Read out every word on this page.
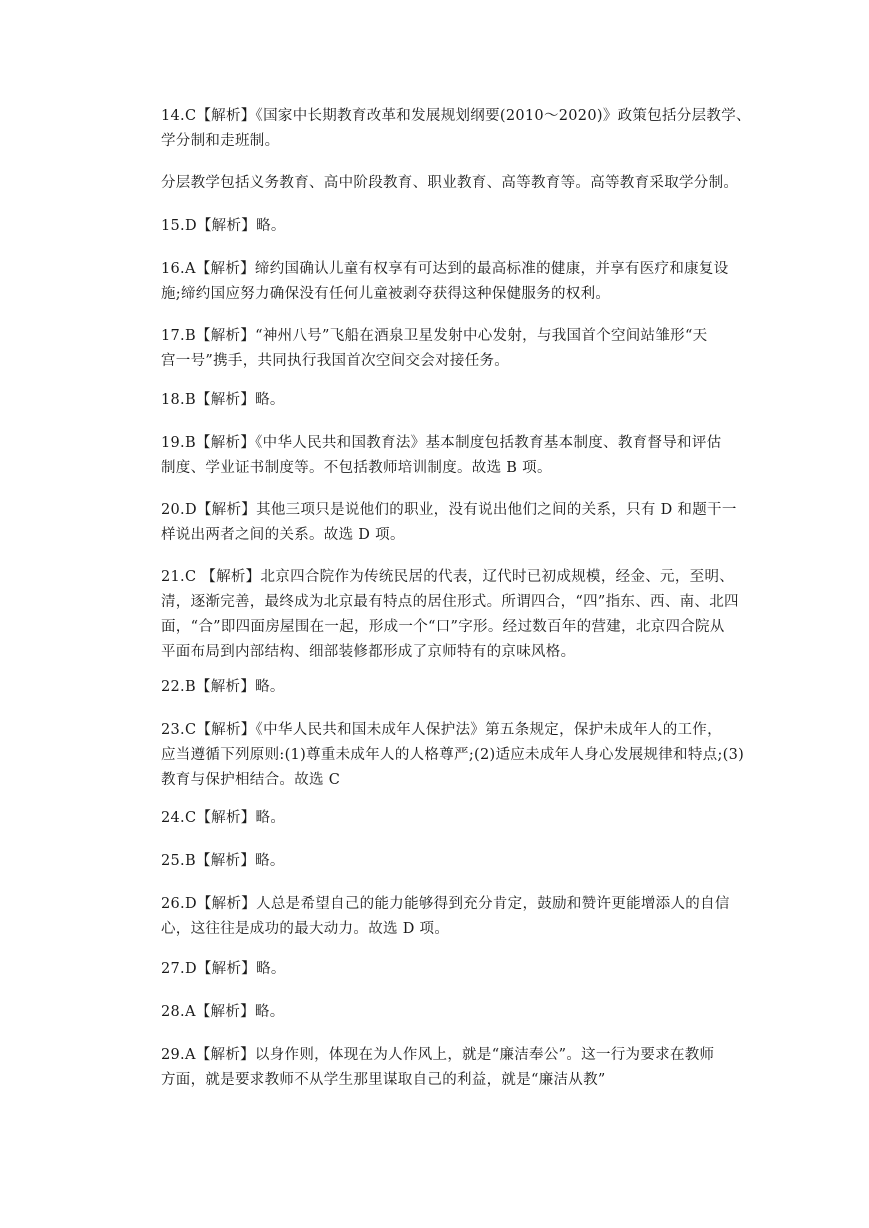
14.C【解析】《国家中长期教育改革和发展规划纲要(2010～2020)》政策包括分层教学、
学分制和走班制。

分层教学包括义务教育、高中阶段教育、职业教育、高等教育等。高等教育采取学分制。

15.D【解析】略。

16.A【解析】缔约国确认儿童有权享有可达到的最高标准的健康，并享有医疗和康复设
施;缔约国应努力确保没有任何儿童被剥夺获得这种保健服务的权利。

17.B【解析】“神州八号”飞船在酒泉卫星发射中心发射，与我国首个空间站雏形“天
宫一号”携手，共同执行我国首次空间交会对接任务。

18.B【解析】略。

19.B【解析】《中华人民共和国教育法》基本制度包括教育基本制度、教育督导和评估
制度、学业证书制度等。不包括教师培训制度。故选 B 项。

20.D【解析】其他三项只是说他们的职业，没有说出他们之间的关系，只有 D 和题干一
样说出两者之间的关系。故选 D 项。

21.C 【解析】北京四合院作为传统民居的代表，辽代时已初成规模，经金、元，至明、
清，逐渐完善，最终成为北京最有特点的居住形式。所谓四合，“四”指东、西、南、北四
面，“合”即四面房屋围在一起，形成一个“口”字形。经过数百年的营建，北京四合院从
平面布局到内部结构、细部装修都形成了京师特有的京味风格。

22.B【解析】略。

23.C【解析】《中华人民共和国未成年人保护法》第五条规定，保护未成年人的工作，
应当遵循下列原则:(1)尊重未成年人的人格尊严;(2)适应未成年人身心发展规律和特点;(3)
教育与保护相结合。故选 C

24.C【解析】略。

25.B【解析】略。

26.D【解析】人总是希望自己的能力能够得到充分肯定，鼓励和赞许更能增添人的自信
心，这往往是成功的最大动力。故选 D 项。

27.D【解析】略。

28.A【解析】略。

29.A【解析】以身作则，体现在为人作风上，就是“廉洁奉公”。这一行为要求在教师
方面，就是要求教师不从学生那里谋取自己的利益，就是“廉洁从教”
